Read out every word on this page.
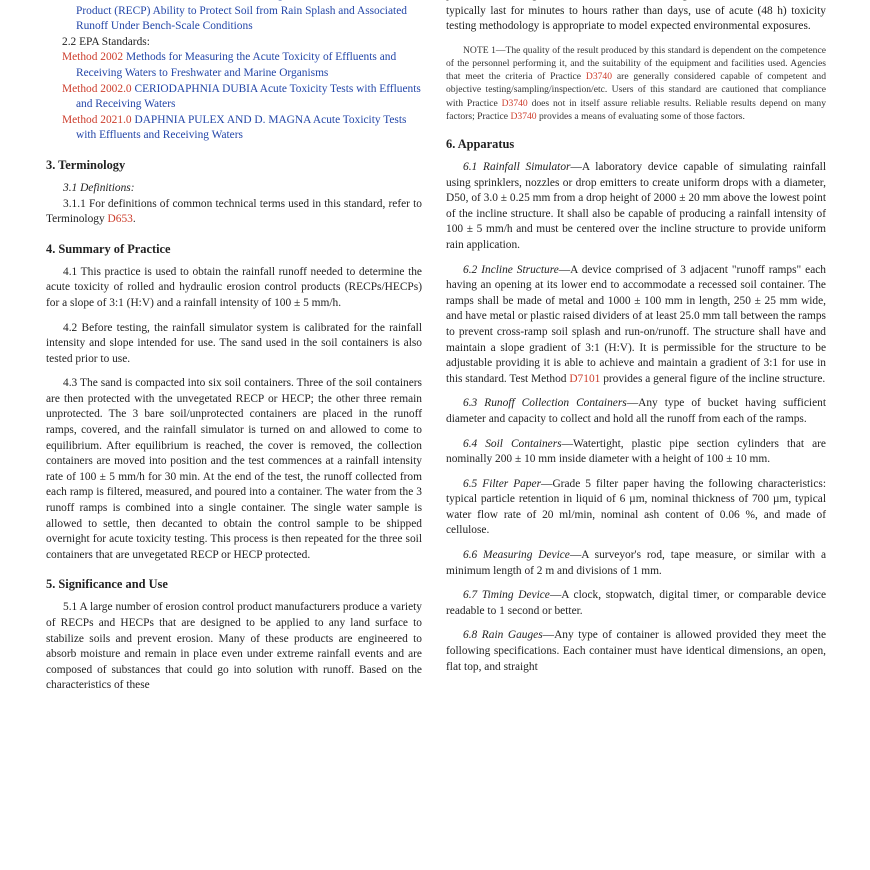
Product (RECP) Ability to Protect Soil from Rain Splash and Associated Runoff Under Bench-Scale Conditions

2.2 EPA Standards:

Method 2002 Methods for Measuring the Acute Toxicity of Effluents and Receiving Waters to Freshwater and Marine Organisms

Method 2002.0 CERIODAPHNIA DUBIA Acute Toxicity Tests with Effluents and Receiving Waters

Method 2021.0 DAPHNIA PULEX AND D. MAGNA Acute Toxicity Tests with Effluents and Receiving Waters

3. Terminology

3.1 Definitions:

3.1.1 For definitions of common technical terms used in this standard, refer to Terminology D653.

4. Summary of Practice

4.1 This practice is used to obtain the rainfall runoff needed to determine the acute toxicity of rolled and hydraulic erosion control products (RECPs/HECPs) for a slope of 3:1 (H:V) and a rainfall intensity of 100 ± 5 mm/h.

4.2 Before testing, the rainfall simulator system is calibrated for the rainfall intensity and slope intended for use. The sand used in the soil containers is also tested prior to use.

4.3 The sand is compacted into six soil containers. Three of the soil containers are then protected with the unvegetated RECP or HECP; the other three remain unprotected. The 3 bare soil/unprotected containers are placed in the runoff ramps, covered, and the rainfall simulator is turned on and allowed to come to equilibrium. After equilibrium is reached, the cover is removed, the collection containers are moved into position and the test commences at a rainfall intensity rate of 100 ± 5 mm/h for 30 min. At the end of the test, the runoff collected from each ramp is filtered, measured, and poured into a container. The water from the 3 runoff ramps is combined into a single container. The single water sample is allowed to settle, then decanted to obtain the control sample to be shipped overnight for acute toxicity testing. This process is then repeated for the three soil containers that are unvegetated RECP or HECP protected.

5. Significance and Use

5.1 A large number of erosion control product manufacturers produce a variety of RECPs and HECPs that are designed to be applied to any land surface to stabilize soils and prevent erosion. Many of these products are engineered to absorb moisture and remain in place even under extreme rainfall events and are composed of substances that could go into solution with runoff. Based on the characteristics of these

typically last for minutes to hours rather than days, use of acute (48 h) toxicity testing methodology is appropriate to model expected environmental exposures.

NOTE 1—The quality of the result produced by this standard is dependent on the competence of the personnel performing it, and the suitability of the equipment and facilities used. Agencies that meet the criteria of Practice D3740 are generally considered capable of competent and objective testing/sampling/inspection/etc. Users of this standard are cautioned that compliance with Practice D3740 does not in itself assure reliable results. Reliable results depend on many factors; Practice D3740 provides a means of evaluating some of those factors.

6. Apparatus

6.1 Rainfall Simulator—A laboratory device capable of simulating rainfall using sprinklers, nozzles or drop emitters to create uniform drops with a diameter, D50, of 3.0 ± 0.25 mm from a drop height of 2000 ± 20 mm above the lowest point of the incline structure. It shall also be capable of producing a rainfall intensity of 100 ± 5 mm/h and must be centered over the incline structure to provide uniform rain application.

6.2 Incline Structure—A device comprised of 3 adjacent "runoff ramps" each having an opening at its lower end to accommodate a recessed soil container. The ramps shall be made of metal and 1000 ± 100 mm in length, 250 ± 25 mm wide, and have metal or plastic raised dividers of at least 25.0 mm tall between the ramps to prevent cross-ramp soil splash and run-on/runoff. The structure shall have and maintain a slope gradient of 3:1 (H:V). It is permissible for the structure to be adjustable providing it is able to achieve and maintain a gradient of 3:1 for use in this standard. Test Method D7101 provides a general figure of the incline structure.

6.3 Runoff Collection Containers—Any type of bucket having sufficient diameter and capacity to collect and hold all the runoff from each of the ramps.

6.4 Soil Containers—Watertight, plastic pipe section cylinders that are nominally 200 ± 10 mm inside diameter with a height of 100 ± 10 mm.

6.5 Filter Paper—Grade 5 filter paper having the following characteristics: typical particle retention in liquid of 6 µm, nominal thickness of 700 µm, typical water flow rate of 20 ml/min, nominal ash content of 0.06 %, and made of cellulose.

6.6 Measuring Device—A surveyor's rod, tape measure, or similar with a minimum length of 2 m and divisions of 1 mm.

6.7 Timing Device—A clock, stopwatch, digital timer, or comparable device readable to 1 second or better.

6.8 Rain Gauges—Any type of container is allowed provided they meet the following specifications. Each container must have identical dimensions, an open, flat top, and straight
